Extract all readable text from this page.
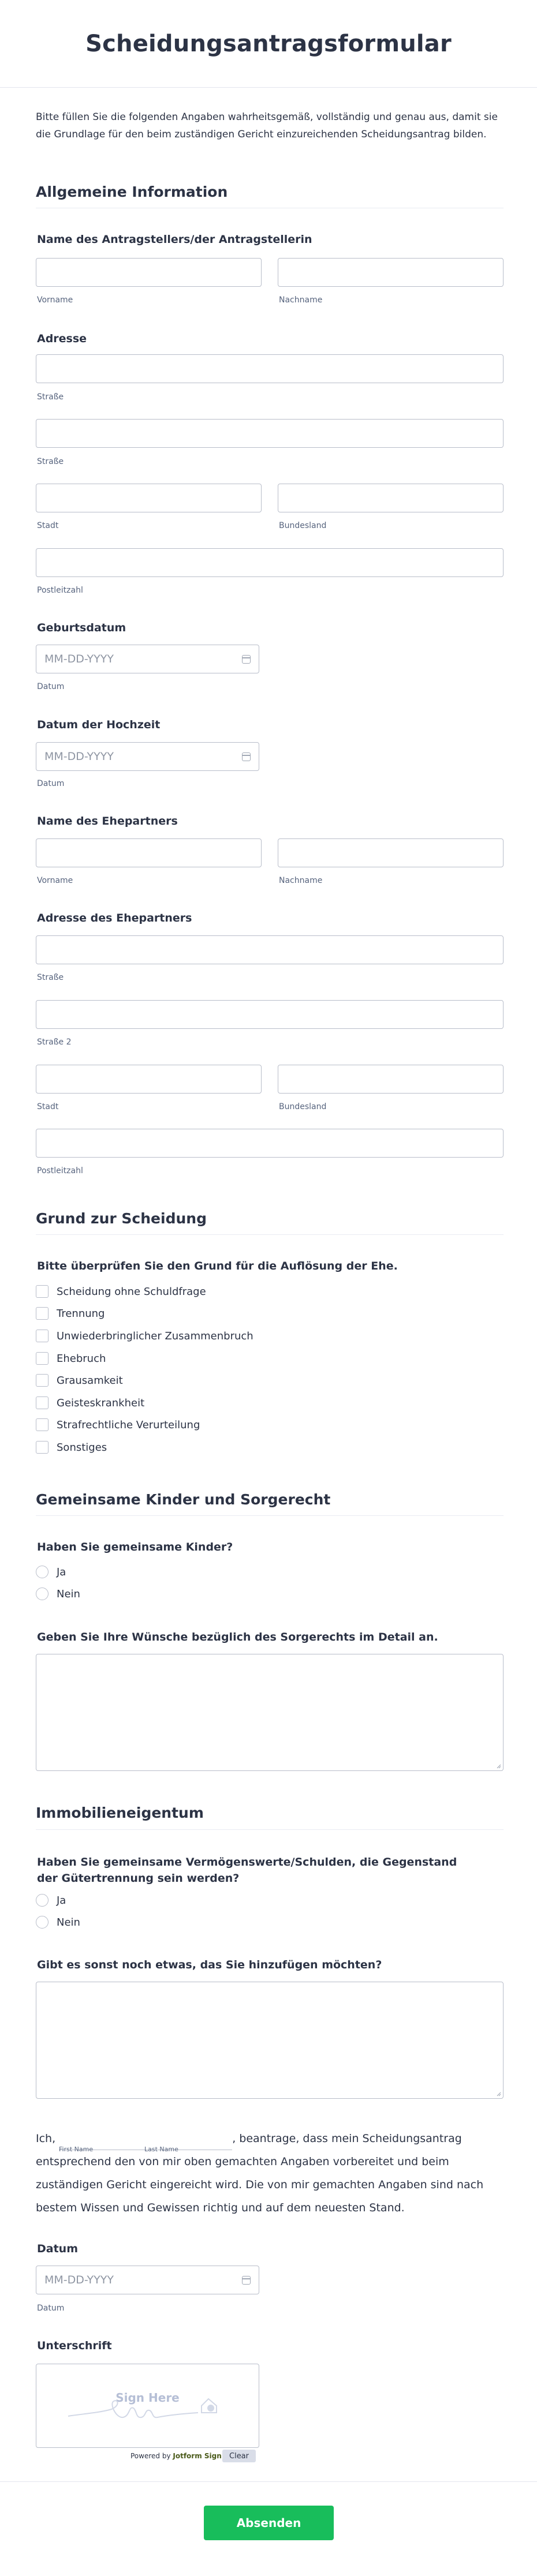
Scheidungsantragsformular

Bitte füllen Sie die folgenden Angaben wahrheitsgemäß, vollständig und genau aus, damit sie die Grundlage für den beim zuständigen Gericht einzureichenden Scheidungsantrag bilden.

Allgemeine Information
Name des Antragstellers/der Antragstellerin
Vorname	Nachname
Adresse
Straße
Straße
Stadt	Bundesland
Postleitzahl
Geburtsdatum
MM-DD-YYYY
Datum
Datum der Hochzeit
MM-DD-YYYY
Datum
Name des Ehepartners
Vorname	Nachname
Adresse des Ehepartners
Straße
Straße 2
Stadt	Bundesland
Postleitzahl
Grund zur Scheidung
Bitte überprüfen Sie den Grund für die Auflösung der Ehe.
Scheidung ohne Schuldfrage
Trennung
Unwiederbringlicher Zusammenbruch
Ehebruch
Grausamkeit
Geisteskrankheit
Strafrechtliche Verurteilung
Sonstiges
Gemeinsame Kinder und Sorgerecht
Haben Sie gemeinsame Kinder?
Ja
Nein
Geben Sie Ihre Wünsche bezüglich des Sorgerechts im Detail an.
Immobilieneigentum
Haben Sie gemeinsame Vermögenswerte/Schulden, die Gegenstand der Gütertrennung sein werden?
Ja
Nein
Gibt es sonst noch etwas, das Sie hinzufügen möchten?
Ich,	, beantrage, dass mein Scheidungsantrag
entsprechend den von mir oben gemachten Angaben vorbereitet und beim
zuständigen Gericht eingereicht wird. Die von mir gemachten Angaben sind nach
bestem Wissen und Gewissen richtig und auf dem neuesten Stand.
First Name	Last Name
Datum
MM-DD-YYYY
Datum
Unterschrift
Sign Here
Powered by Jotform Sign	Clear
Absenden
